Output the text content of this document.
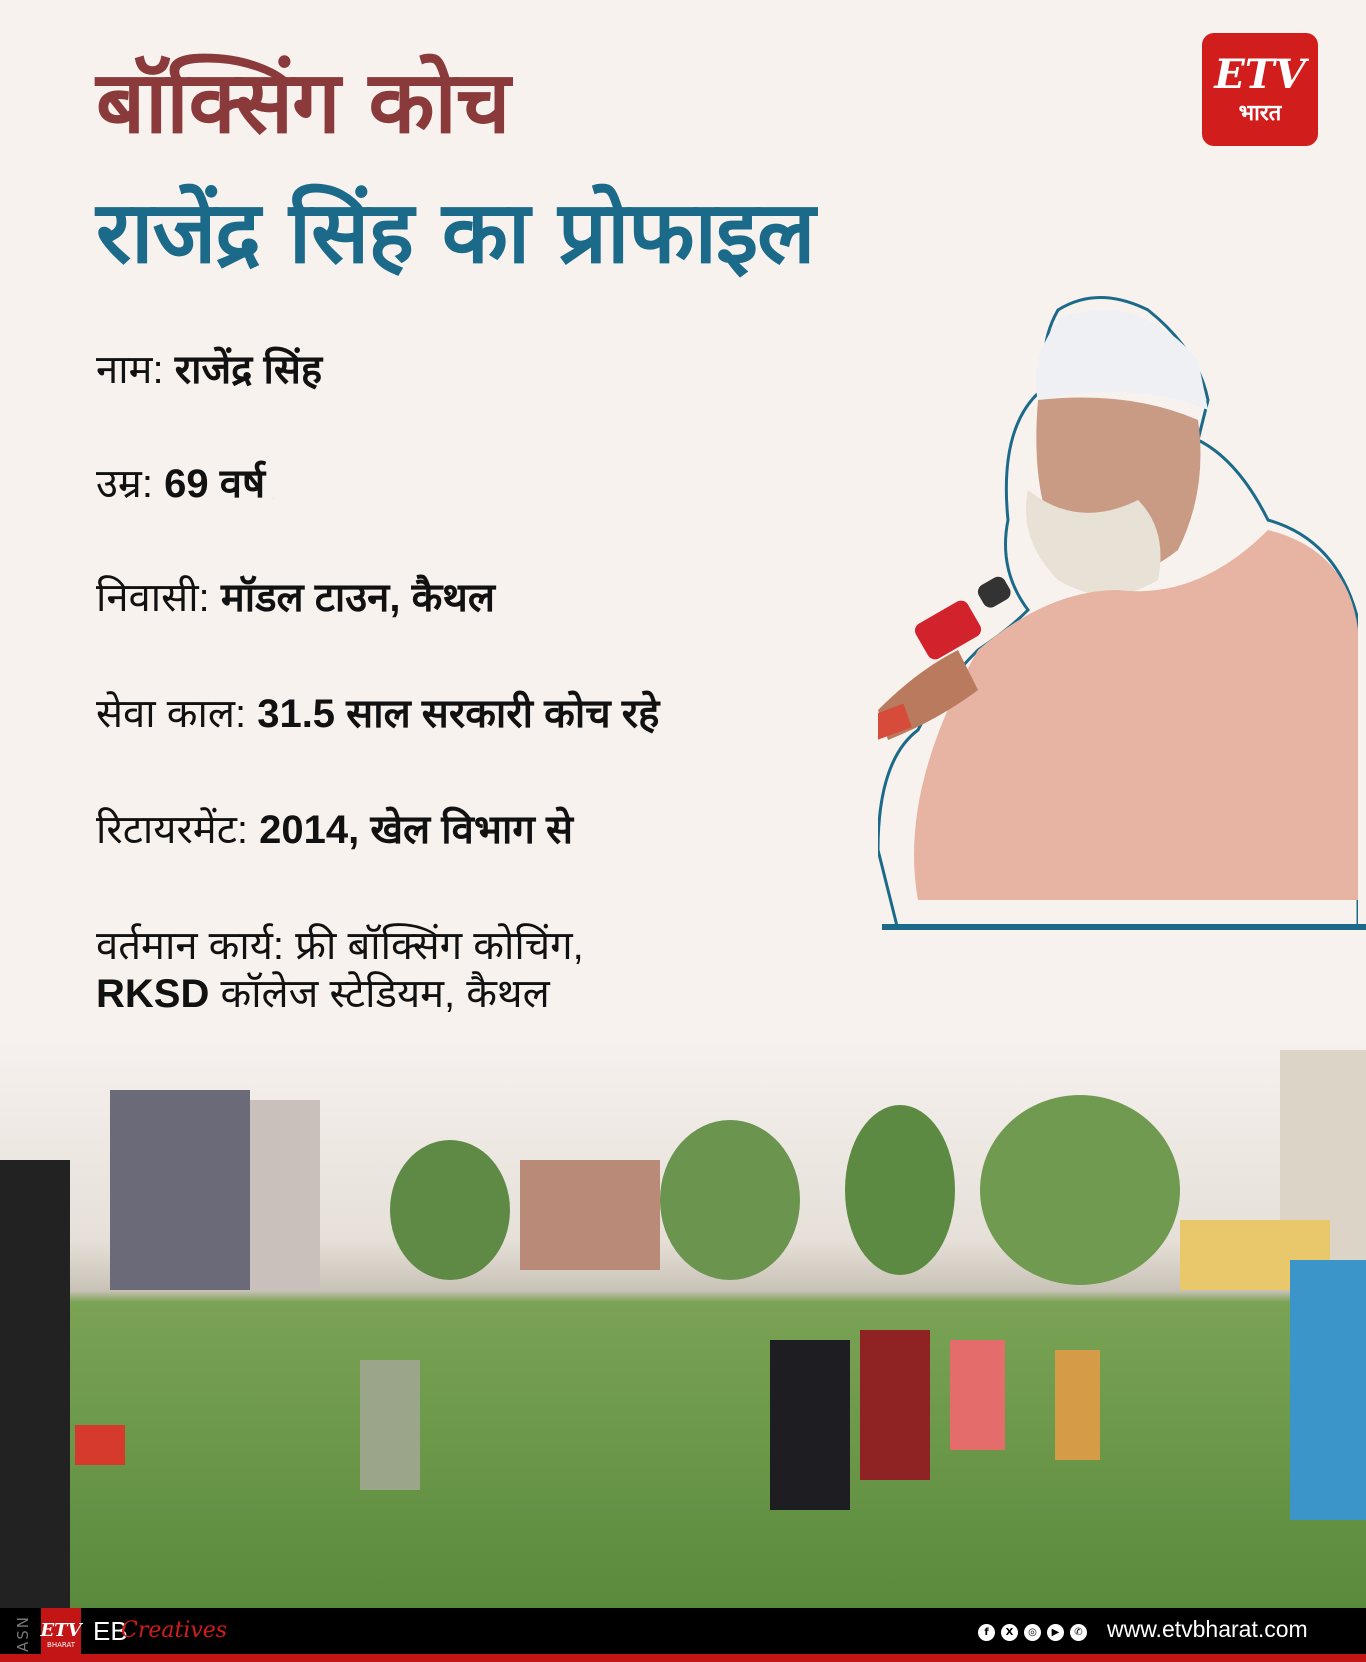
बॉक्सिंग कोच
राजेंद्र सिंह का प्रोफाइल
ETV
भारत
नाम: राजेंद्र सिंह
उम्र: 69 वर्ष
निवासी: मॉडल टाउन, कैथल
सेवा काल: 31.5 साल सरकारी कोच रहे
रिटायरमेंट: 2014, खेल विभाग से
वर्तमान कार्य: फ्री बॉक्सिंग कोचिंग,
RKSD कॉलेज स्टेडियम, कैथल
ASN ETV
BHARAT EB
Creatives	f	X	◎	▶	✆ www.etvbharat.com
